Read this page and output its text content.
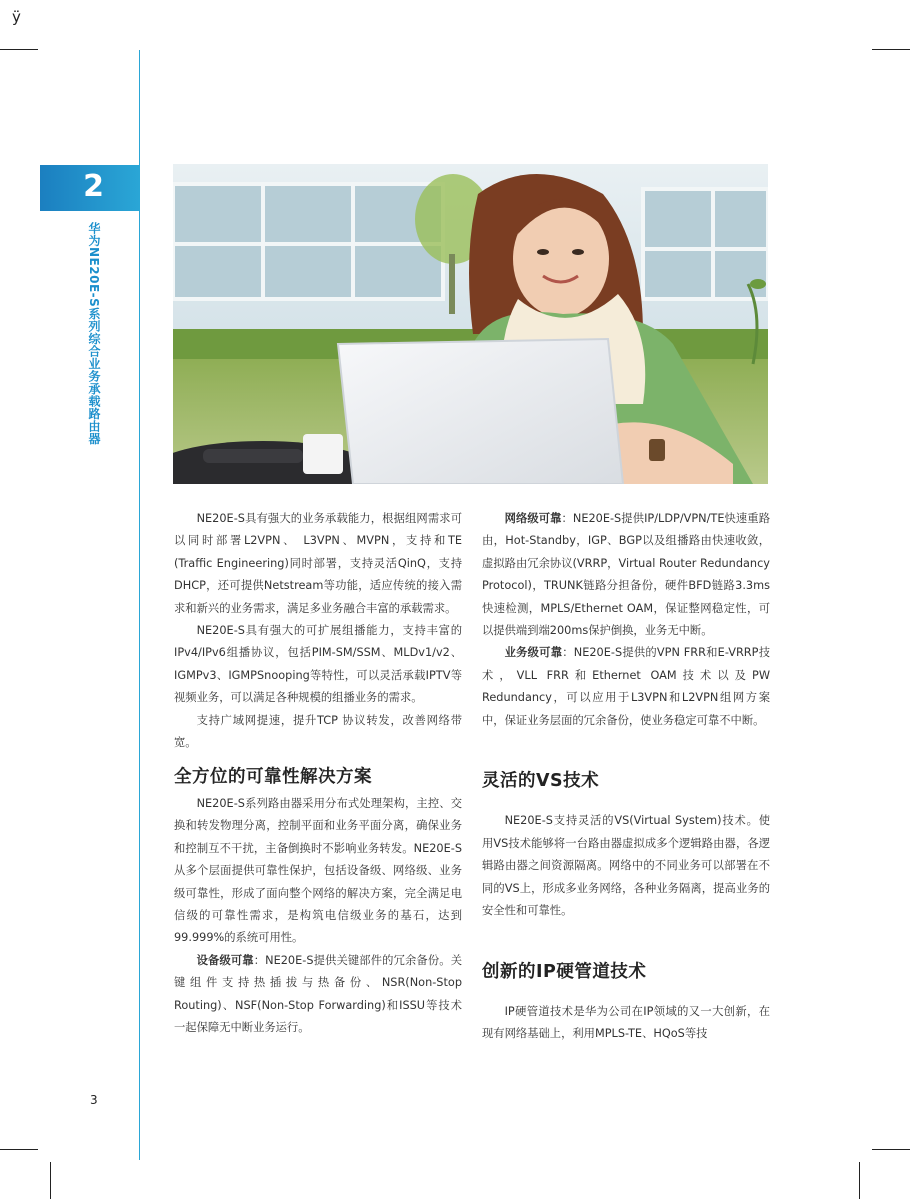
ÿ
2
华为NE20E-S系列综合业务承载路由器

NE20E-S具有强大的业务承载能力，根据组网需求可以同时部署L2VPN、 L3VPN、MVPN，支持和TE (Traffic Engineering)同时部署，支持灵活QinQ，支持DHCP，还可提供Netstream等功能，适应传统的接入需求和新兴的业务需求，满足多业务融合丰富的承载需求。

NE20E-S具有强大的可扩展组播能力，支持丰富的IPv4/IPv6组播协议，包括PIM-SM/SSM、MLDv1/v2、IGMPv3、IGMPSnooping等特性，可以灵活承载IPTV等视频业务，可以满足各种规模的组播业务的需求。

支持广域网提速，提升TCP 协议转发，改善网络带宽。

全方位的可靠性解决方案

NE20E-S系列路由器采用分布式处理架构，主控、交换和转发物理分离，控制平面和业务平面分离，确保业务和控制互不干扰，主备倒换时不影响业务转发。NE20E-S从多个层面提供可靠性保护，包括设备级、网络级、业务级可靠性，形成了面向整个网络的解决方案，完全满足电信级的可靠性需求，是构筑电信级业务的基石，达到99.999%的系统可用性。

设备级可靠：NE20E-S提供关键部件的冗余备份。关键组件支持热插拔与热备份、NSR(Non-Stop Routing)、NSF(Non-Stop Forwarding)和ISSU等技术一起保障无中断业务运行。

网络级可靠：NE20E-S提供IP/LDP/VPN/TE快速重路由，Hot-Standby，IGP、BGP以及组播路由快速收敛，虚拟路由冗余协议(VRRP，Virtual Router Redundancy Protocol)，TRUNK链路分担备份，硬件BFD链路3.3ms快速检测，MPLS/Ethernet OAM，保证整网稳定性，可以提供端到端200ms保护倒换，业务无中断。

业务级可靠：NE20E-S提供的VPN FRR和E-VRRP技术，VLL FRR和Ethernet OAM技术以及PW Redundancy，可以应用于L3VPN和L2VPN组网方案中，保证业务层面的冗余备份，使业务稳定可靠不中断。

灵活的VS技术

NE20E-S支持灵活的VS(Virtual System)技术。使用VS技术能够将一台路由器虚拟成多个逻辑路由器，各逻辑路由器之间资源隔离。网络中的不同业务可以部署在不同的VS上，形成多业务网络，各种业务隔离，提高业务的安全性和可靠性。

创新的IP硬管道技术

IP硬管道技术是华为公司在IP领域的又一大创新，在现有网络基础上，利用MPLS-TE、HQoS等技

3
